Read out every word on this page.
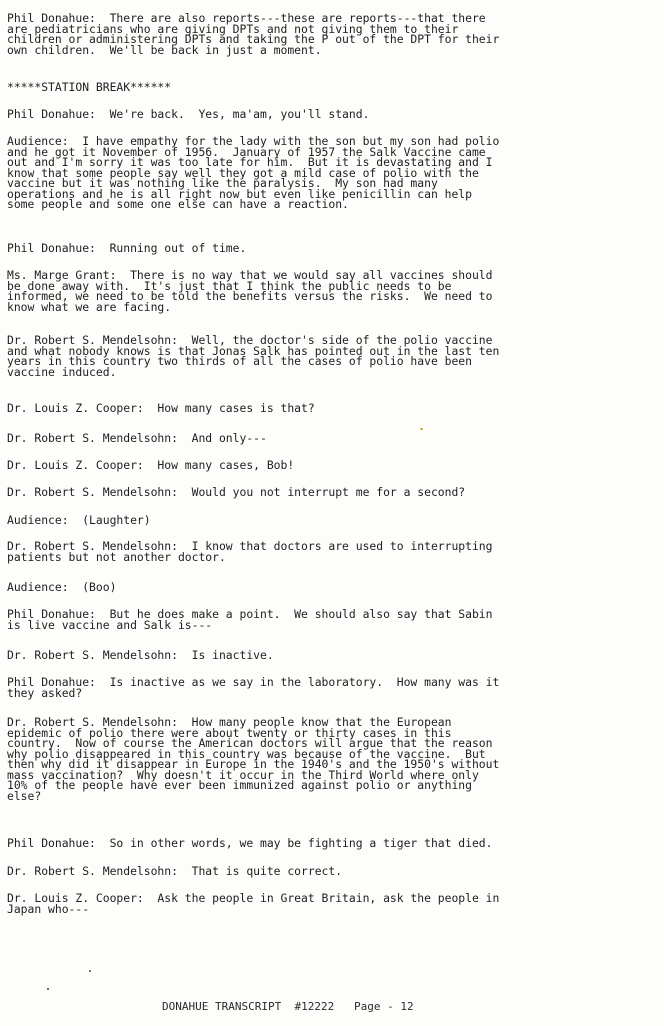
Phil Donahue:  There are also reports---these are reports---that there
are pediatricians who are giving DPTs and not giving them to their
children or administering DPTs and taking the P out of the DPT for their
own children.  We'll be back in just a moment.
*****STATION BREAK******
Phil Donahue:  We're back.  Yes, ma'am, you'll stand.
Audience:  I have empathy for the lady with the son but my son had polio
and he got it November of 1956.  January of 1957 the Salk Vaccine came
out and I'm sorry it was too late for him.  But it is devastating and I
know that some people say well they got a mild case of polio with the
vaccine but it was nothing like the paralysis.  My son had many
operations and he is all right now but even like penicillin can help
some people and some one else can have a reaction.
Phil Donahue:  Running out of time.
Ms. Marge Grant:  There is no way that we would say all vaccines should
be done away with.  It's just that I think the public needs to be
informed, we need to be told the benefits versus the risks.  We need to
know what we are facing.
Dr. Robert S. Mendelsohn:  Well, the doctor's side of the polio vaccine
and what nobody knows is that Jonas Salk has pointed out in the last ten
years in this country two thirds of all the cases of polio have been
vaccine induced.
Dr. Louis Z. Cooper:  How many cases is that?
Dr. Robert S. Mendelsohn:  And only---
Dr. Louis Z. Cooper:  How many cases, Bob!
Dr. Robert S. Mendelsohn:  Would you not interrupt me for a second?
Audience:  (Laughter)
Dr. Robert S. Mendelsohn:  I know that doctors are used to interrupting
patients but not another doctor.
Audience:  (Boo)
Phil Donahue:  But he does make a point.  We should also say that Sabin
is live vaccine and Salk is---
Dr. Robert S. Mendelsohn:  Is inactive.
Phil Donahue:  Is inactive as we say in the laboratory.  How many was it
they asked?
Dr. Robert S. Mendelsohn:  How many people know that the European
epidemic of polio there were about twenty or thirty cases in this
country.  Now of course the American doctors will argue that the reason
why polio disappeared in this country was because of the vaccine.  But
then why did it disappear in Europe in the 1940's and the 1950's without
mass vaccination?  Why doesn't it occur in the Third World where only
10% of the people have ever been immunized against polio or anything
else?
Phil Donahue:  So in other words, we may be fighting a tiger that died.
Dr. Robert S. Mendelsohn:  That is quite correct.
Dr. Louis Z. Cooper:  Ask the people in Great Britain, ask the people in
Japan who---
DONAHUE TRANSCRIPT  #12222   Page - 12
